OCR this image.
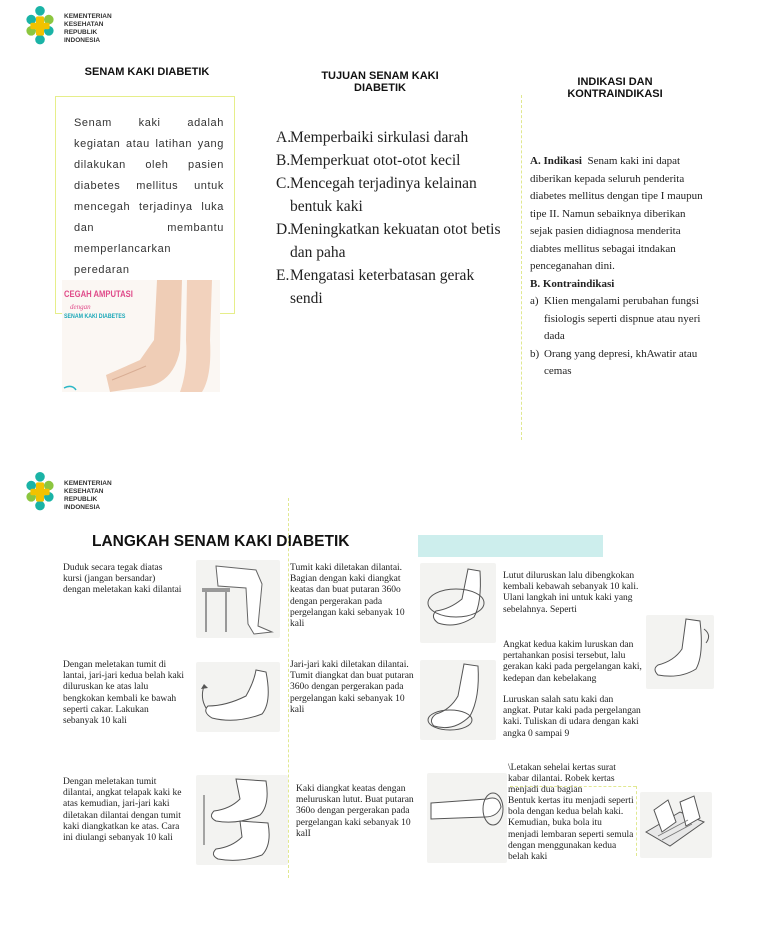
KEMENTERIAN
KESEHATAN
REPUBLIK
INDONESIA
SENAM KAKI DIABETIK
Senam kaki adalah kegiatan atau latihan yang dilakukan oleh pasien diabetes mellitus untuk mencegah terjadinya luka dan membantu memperlancarkan peredaran
CEGAH AMPUTASI
dengan
SENAM KAKI DIABETES
TUJUAN SENAM KAKI
DIABETIK
A.
Memperbaiki sirkulasi darah
B. Memperkuat otot-otot kecil
C. Mencegah terjadinya kelainan bentuk kaki
D.
Meningkatkan kekuatan otot betis dan paha
E. Mengatasi keterbatasan gerak sendi
INDIKASI DAN
KONTRAINDIKASI
A. Indikasi Senam kaki ini dapat diberikan kepada seluruh penderita diabetes mellitus dengan tipe I maupun tipe II. Namun sebaiknya diberikan sejak pasien didiagnosa menderita diabtes mellitus sebagai itndakan penceganahan dini.
B. Kontraindikasi
a) Klien mengalami perubahan fungsi fisiologis seperti dispnue atau nyeri dada
b) Orang yang depresi, khAwatir atau cemas
KEMENTERIAN
KESEHATAN
REPUBLIK
INDONESIA
LANGKAH SENAM KAKI DIABETIK
Duduk secara tegak diatas kursi (jangan bersandar) dengan meletakan kaki dilantai
Dengan meletakan tumit di lantai, jari-jari kedua belah kaki diluruskan ke atas lalu bengkokan kembali ke bawah seperti cakar. Lakukan sebanyak 10 kali
Dengan meletakan tumit dilantai, angkat telapak kaki ke atas kemudian, jari-jari kaki diletakan dilantai dengan tumit kaki diangkatkan ke atas. Cara ini diulangi sebanyak 10 kali
Tumit kaki diletakan dilantai. Bagian dengan kaki diangkat keatas dan buat putaran 360o dengan pergerakan pada pergelangan kaki sebanyak 10 kali
Jari-jari kaki diletakan dilantai. Tumit diangkat dan buat putaran 360o dengan pergerakan pada pergelangan kaki sebanyak 10 kali
Kaki diangkat keatas dengan meluruskan lutut. Buat putaran 360o dengan pergerakan pada pergelangan kaki sebanyak 10 kalI
Lutut diluruskan lalu dibengkokan kembali kebawah sebanyak 10 kali. Ulani langkah ini untuk kaki yang sebelahnya. Seperti
Angkat kedua kakim luruskan dan pertahankan posisi tersebut, lalu gerakan kaki pada pergelangan kaki, kedepan dan kebelakang
Luruskan salah satu kaki dan angkat. Putar kaki pada pergelangan kaki. Tuliskan di udara dengan kaki angka 0 sampai 9
\Letakan sehelai kertas surat kabar dilantai. Robek kertas menjadi dua bagian
Bentuk kertas itu menjadi seperti bola dengan kedua belah kaki. Kemudian, buka bola itu menjadi lembaran seperti semula dengan menggunakan kedua belah kaki
